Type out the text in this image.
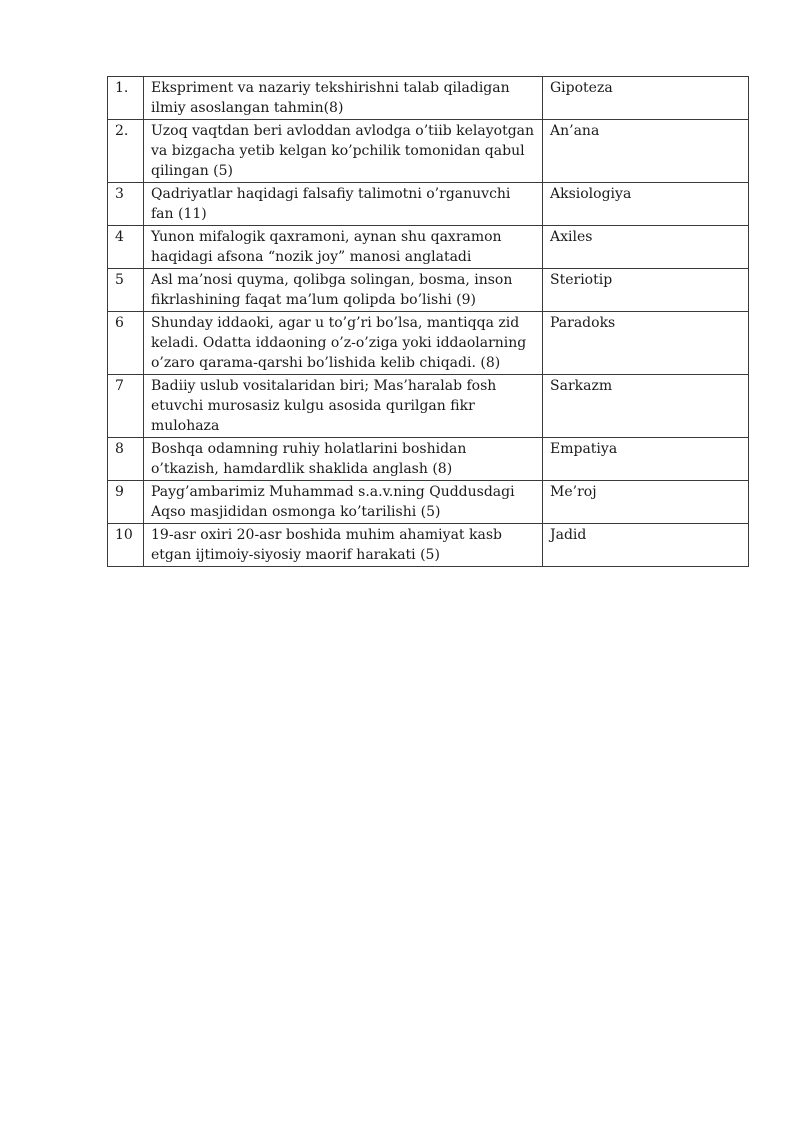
1.	Ekspriment va nazariy tekshirishni talab qiladigan ilmiy asoslangan tahmin(8)	Gipoteza
2.	Uzoq vaqtdan beri avloddan avlodga o’tiib kelayotgan va bizgacha yetib kelgan ko’pchilik tomonidan qabul qilingan (5)	An’ana
3	Qadriyatlar haqidagi falsafiy talimotni o’rganuvchi fan (11)	Aksiologiya
4	Yunon mifalogik qaxramoni, aynan shu qaxramon haqidagi afsona “nozik joy” manosi anglatadi	Axiles
5	Asl ma’nosi quyma, qolibga solingan, bosma, inson fikrlashining faqat ma’lum qolipda bo’lishi (9)	Steriotip
6	Shunday iddaoki, agar u to’g’ri bo’lsa, mantiqqa zid keladi. Odatta iddaoning o’z-o’ziga yoki iddaolarning o’zaro qarama-qarshi bo’lishida kelib chiqadi. (8)	Paradoks
7	Badiiy uslub vositalaridan biri; Mas’haralab fosh etuvchi murosasiz kulgu asosida qurilgan fikr mulohaza	Sarkazm
8	Boshqa odamning ruhiy holatlarini boshidan o’tkazish, hamdardlik shaklida anglash (8)	Empatiya
9	Payg’ambarimiz Muhammad s.a.v.ning Quddusdagi Aqso masjididan osmonga ko’tarilishi (5)	Me’roj
10	19-asr oxiri 20-asr boshida muhim ahamiyat kasb etgan ijtimoiy-siyosiy maorif harakati (5)	Jadid
